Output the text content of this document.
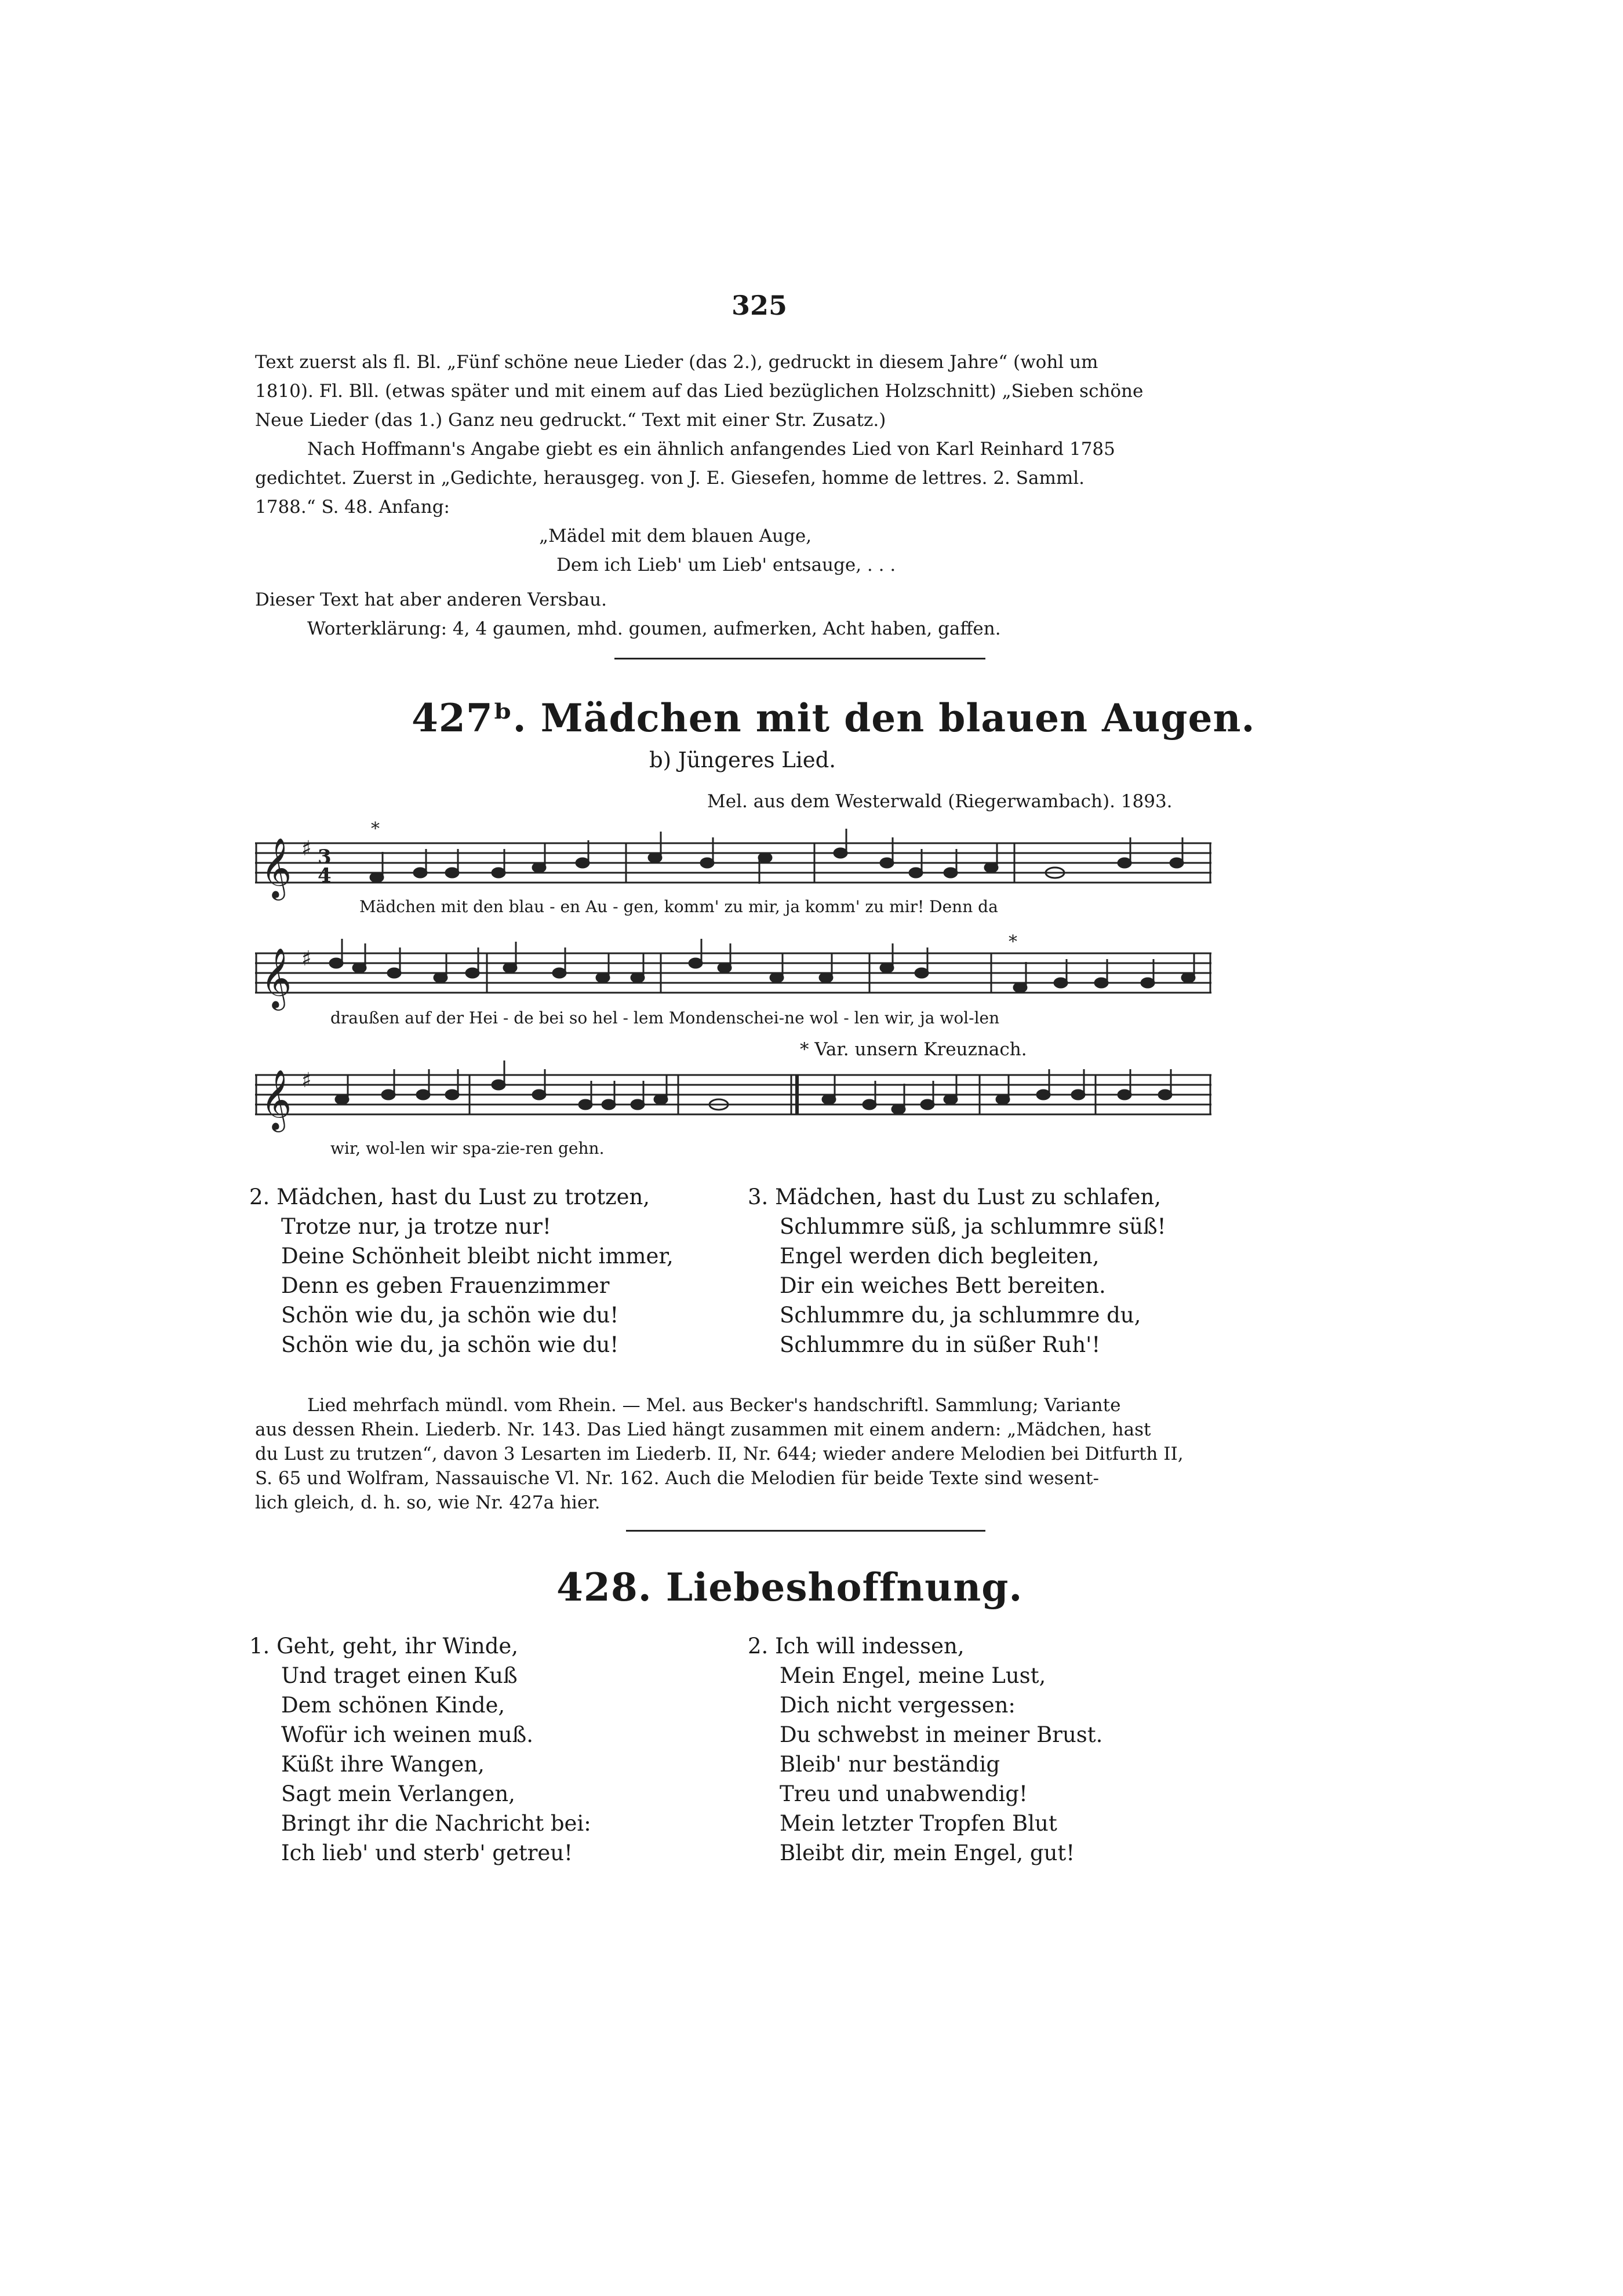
325
Text zuerst als fl. Bl. „Fünf schöne neue Lieder (das 2.), gedruckt in diesem Jahre“ (wohl um
1810). Fl. Bll. (etwas später und mit einem auf das Lied bezüglichen Holzschnitt) „Sieben schöne
Neue Lieder (das 1.) Ganz neu gedruckt.“ Text mit einer Str. Zusatz.)
Nach Hoffmann's Angabe giebt es ein ähnlich anfangendes Lied von Karl Reinhard 1785
gedichtet. Zuerst in „Gedichte, herausgeg. von J. E. Giesefen, homme de lettres. 2. Samml.
1788.“ S. 48. Anfang:
„Mädel mit dem blauen Auge,
Dem ich Lieb' um Lieb' entsauge, . . .
Dieser Text hat aber anderen Versbau.
Worterklärung: 4, 4 gaumen, mhd. goumen, aufmerken, Acht haben, gaffen.
427ᵇ. Mädchen mit den blauen Augen.
b) Jüngeres Lied.
Mel. aus dem Westerwald (Riegerwambach). 1893.
𝄞 ♯ 3
4
*
Mädchen mit den blau - en Au - gen, komm' zu mir, ja komm' zu mir! Denn da
𝄞 ♯
*
draußen auf der Hei - de bei so hel - lem Mondenschei-ne wol - len wir, ja wol-len
* Var. unsern Kreuznach.
𝄞 ♯
wir, wol-len wir spa-zie-ren gehn.
2. Mädchen, hast du Lust zu trotzen,
Trotze nur, ja trotze nur!
Deine Schönheit bleibt nicht immer,
Denn es geben Frauenzimmer
Schön wie du, ja schön wie du!
Schön wie du, ja schön wie du!
3. Mädchen, hast du Lust zu schlafen,
Schlummre süß, ja schlummre süß!
Engel werden dich begleiten,
Dir ein weiches Bett bereiten.
Schlummre du, ja schlummre du,
Schlummre du in süßer Ruh'!
Lied mehrfach mündl. vom Rhein. — Mel. aus Becker's handschriftl. Sammlung; Variante
aus dessen Rhein. Liederb. Nr. 143. Das Lied hängt zusammen mit einem andern: „Mädchen, hast
du Lust zu trutzen“, davon 3 Lesarten im Liederb. II, Nr. 644; wieder andere Melodien bei Ditfurth II,
S. 65 und Wolfram, Nassauische Vl. Nr. 162. Auch die Melodien für beide Texte sind wesent-
lich gleich, d. h. so, wie Nr. 427a hier.
428. Liebeshoffnung.
1. Geht, geht, ihr Winde,
Und traget einen Kuß
Dem schönen Kinde,
Wofür ich weinen muß.
Küßt ihre Wangen,
Sagt mein Verlangen,
Bringt ihr die Nachricht bei:
Ich lieb' und sterb' getreu!
2. Ich will indessen,
Mein Engel, meine Lust,
Dich nicht vergessen:
Du schwebst in meiner Brust.
Bleib' nur beständig
Treu und unabwendig!
Mein letzter Tropfen Blut
Bleibt dir, mein Engel, gut!
